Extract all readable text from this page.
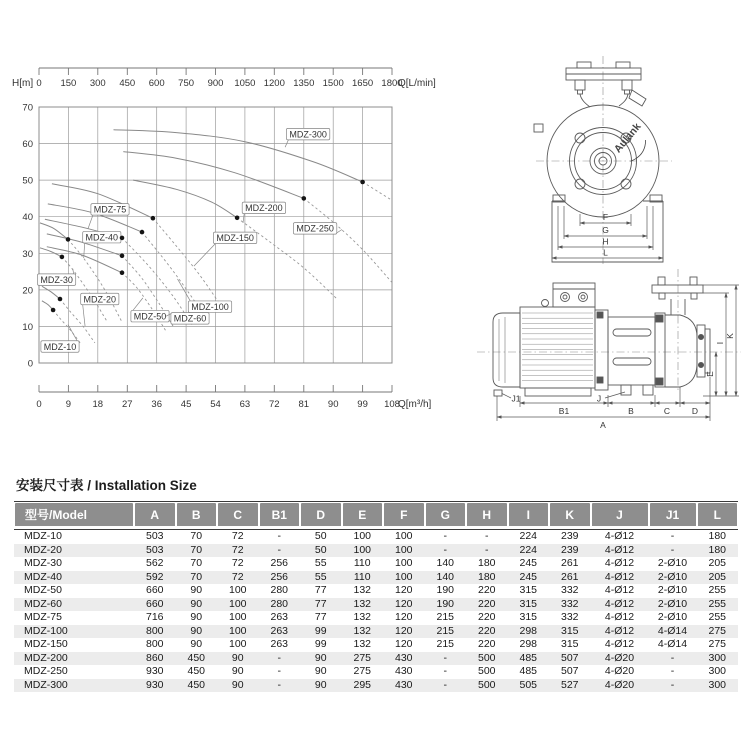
0 150 300 450 600 750 900 1050 1200 1350 1500 1650 1800
0	9 18 27 36 45 54 63 72 81 90 99 108
0
10
20
30
40
50
60
70
H[m]	Q[L/min]
Q[m³/h]
MDZ-10
MDZ-20
MDZ-30
MDZ-40
MDZ-50 MDZ-60
MDZ-75
MDZ-100
MDZ-150
MDZ-200
MDZ-250
MDZ-300	Aulank
F
G
H
L
J1
B1
J
B	C	D
A
E
I
K
安装尺寸表 / Installation Size
型号/Model	A	B	C	B1	D	E	F	G	H	I	K	J	J1	L
MDZ-10	503	70	72	-	50	100	100	-	-	224	239	4-Ø12	-	180
MDZ-20	503	70	72	-	50	100	100	-	-	224	239	4-Ø12	-	180
MDZ-30	562	70	72	256	55	110	100	140	180	245	261	4-Ø12	2-Ø10	205
MDZ-40	592	70	72	256	55	110	100	140	180	245	261	4-Ø12	2-Ø10	205
MDZ-50	660	90	100	280	77	132	120	190	220	315	332	4-Ø12	2-Ø10	255
MDZ-60	660	90	100	280	77	132	120	190	220	315	332	4-Ø12	2-Ø10	255
MDZ-75	716	90	100	263	77	132	120	215	220	315	332	4-Ø12	2-Ø10	255
MDZ-100	800	90	100	263	99	132	120	215	220	298	315	4-Ø12	4-Ø14	275
MDZ-150	800	90	100	263	99	132	120	215	220	298	315	4-Ø12	4-Ø14	275
MDZ-200	860	450	90	-	90	275	430	-	500	485	507	4-Ø20	-	300
MDZ-250	930	450	90	-	90	275	430	-	500	485	507	4-Ø20	-	300
MDZ-300	930	450	90	-	90	295	430	-	500	505	527	4-Ø20	-	300
